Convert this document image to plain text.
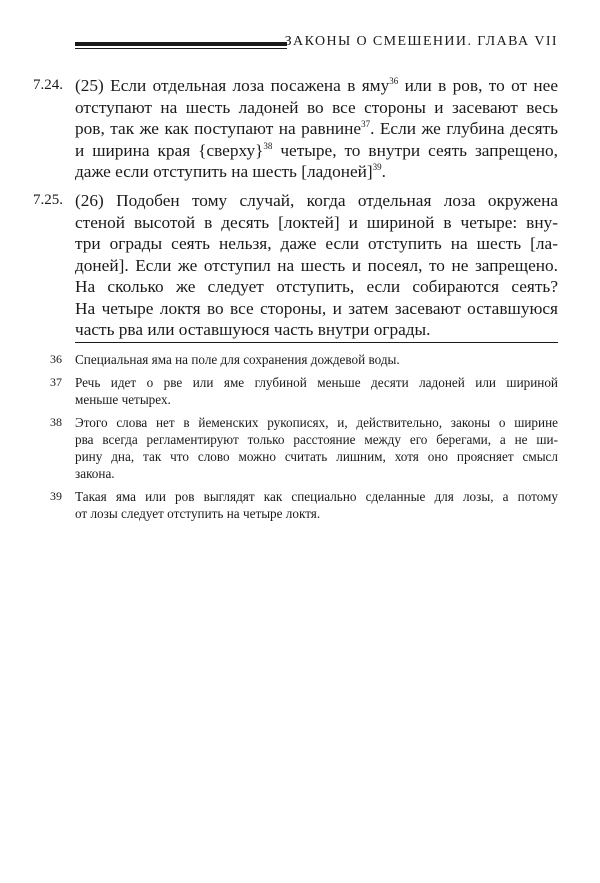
ЗАКОНЫ О СМЕШЕНИИ. ГЛАВА VII
7.24. (25) Если отдельная лоза посажена в яму$^{36}$ или в ров, то от нее
отступают на шесть ладоней во все стороны и засевают весь
ров, так же как поступают на равнине$^{37}$. Если же глубина десять
и ширина края {сверху}$^{38}$ четыре, то внутри сеять запрещено,
даже если отступить на шесть [ладоней]$^{39}$.
7.25. (26) Подобен тому случай, когда отдельная лоза окружена
стеной высотой в десять [локтей] и шириной в четыре: вну-
три ограды сеять нельзя, даже если отступить на шесть [ла-
доней]. Если же отступил на шесть и посеял, то не запрещено.
На сколько же следует отступить, если собираются сеять?
На четыре локтя во все стороны, и затем засевают оставшуюся
часть рва или оставшуюся часть внутри ограды.
36 Специальная яма на поле для сохранения дождевой воды.
37 Речь идет о рве или яме глубиной меньше десяти ладоней или шириной
меньше четырех.
38 Этого слова нет в йеменских рукописях, и, действительно, законы о ширине
рва всегда регламентируют только расстояние между его берегами, а не ши-
рину дна, так что слово можно считать лишним, хотя оно проясняет смысл
закона.
39 Такая яма или ров выглядят как специально сделанные для лозы, а потому
от лозы следует отступить на четыре локтя.
